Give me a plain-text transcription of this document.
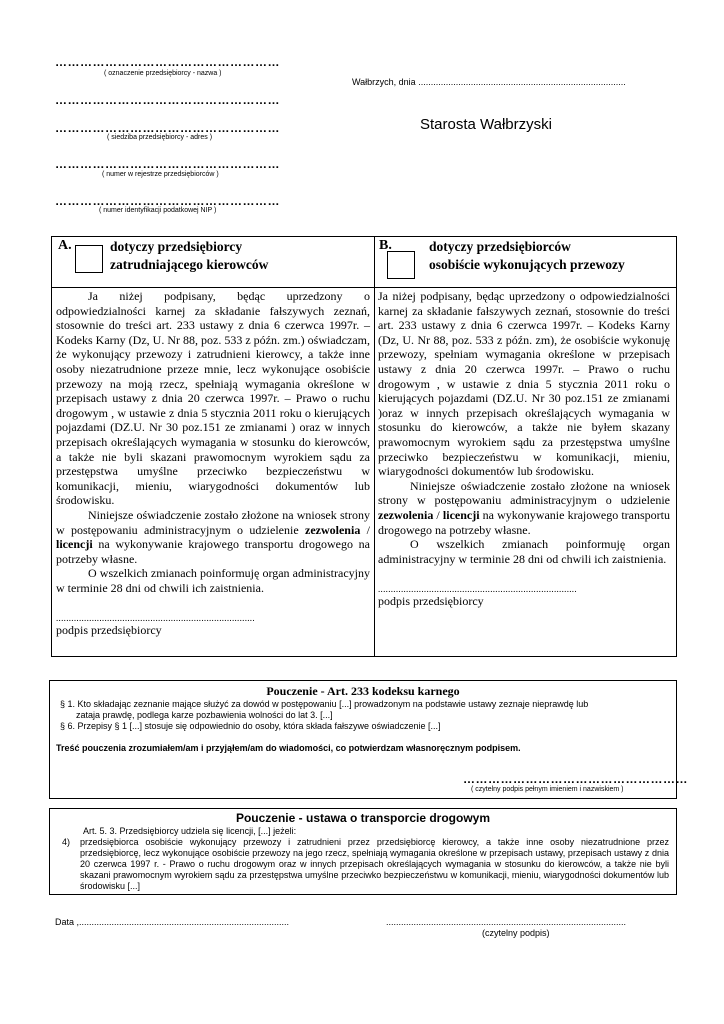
………………………………………………
( oznaczenie przedsiębiorcy - nazwa )
………………………………………………
………………………………………………
( siedziba przedsiębiorcy - adres )
………………………………………………
( numer w rejestrze przedsiębiorców )
………………………………………………
( numer identyfikacji podatkowej NIP )
Wałbrzych, dnia ...................................................................................
Starosta Wałbrzyski
A.	dotyczy przedsiębiorcy
zatrudniającego kierowców
B.	dotyczy przedsiębiorców
osobiście wykonujących przewozy

Ja niżej podpisany, będąc uprzedzony o odpowiedzialności karnej za składanie fałszywych zeznań, stosownie do treści art. 233 ustawy z dnia 6 czerwca 1997r. – Kodeks Karny (Dz, U. Nr 88, poz. 533 z późn. zm.) oświadczam, że wykonujący przewozy i zatrudnieni kierowcy, a także inne osoby niezatrudnione przeze mnie, lecz wykonujące osobiście przewozy na moją rzecz, spełniają wymagania określone w przepisach ustawy z dnia 20 czerwca 1997r. – Prawo o ruchu drogowym , w ustawie z dnia 5 stycznia 2011 roku o kierujących pojazdami (DZ.U. Nr 30 poz.151 ze zmianami ) oraz w innych przepisach określających wymagania w stosunku do kierowców, a także nie byli skazani prawomocnym wyrokiem sądu za przestępstwa umyślne przeciwko bezpieczeństwu w komunikacji, mieniu, wiarygodności dokumentów lub środowisku.

Niniejsze oświadczenie zostało złożone na wniosek strony w postępowaniu administracyjnym o udzielenie zezwolenia / licencji na wykonywanie krajowego transportu drogowego na potrzeby własne.

O wszelkich zmianach poinformuję organ administracyjny w terminie 28 dni od chwili ich zaistnienia.

..............................................................................
podpis przedsiębiorcy

Ja niżej podpisany, będąc uprzedzony o odpowiedzialności karnej za składanie fałszywych zeznań, stosownie do treści art. 233 ustawy z dnia 6 czerwca 1997r. – Kodeks Karny (Dz, U. Nr 88, poz. 533 z późn. zm), że osobiście wykonuję przewozy, spełniam wymagania określone w przepisach ustawy z dnia 20 czerwca 1997r. – Prawo o ruchu drogowym , w ustawie z dnia 5 stycznia 2011 roku o kierujących pojazdami (DZ.U. Nr 30 poz.151 ze zmianami )oraz w innych przepisach określających wymagania w stosunku do kierowców, a także nie byłem skazany prawomocnym wyrokiem sądu za przestępstwa umyślne przeciwko bezpieczeństwu w komunikacji, mieniu, wiarygodności dokumentów lub środowisku.

Niniejsze oświadczenie zostało złożone na wniosek strony w postępowaniu administracyjnym o udzielenie zezwolenia / licencji na wykonywanie krajowego transportu drogowego na potrzeby własne.

O wszelkich zmianach poinformuję organ administracyjny w terminie 28 dni od chwili ich zaistnienia.

..............................................................................
podpis przedsiębiorcy
Pouczenie - Art. 233 kodeksu karnego
§ 1. Kto składając zeznanie mające służyć za dowód w postępowaniu [...] prowadzonym na podstawie ustawy zeznaje nieprawdę lub
zataja prawdę, podlega karze pozbawienia wolności do lat 3. [...]
§ 6. Przepisy § 1 [...] stosuje się odpowiednio do osoby, która składa fałszywe oświadczenie [...]
Treść pouczenia zrozumiałem/am i przyjąłem/am do wiadomości, co potwierdzam własnoręcznym podpisem.
………………………………………………
( czytelny podpis pełnym imieniem i nazwiskiem )
Pouczenie - ustawa o transporcie drogowym
Art. 5. 3. Przedsiębiorcy udziela się licencji, [...] jeżeli:
4) przedsiębiorca osobiście wykonujący przewozy i zatrudnieni przez przedsiębiorcę kierowcy, a także inne osoby niezatrudnione przez przedsiębiorcę, lecz wykonujące osobiście przewozy na jego rzecz, spełniają wymagania określone w przepisach ustawy, przepisach ustawy z dnia 20 czerwca 1997 r. - Prawo o ruchu drogowym oraz w innych przepisach określających wymagania w stosunku do kierowców, a także nie byli skazani prawomocnym wyrokiem sądu za przestępstwa umyślne przeciwko bezpieczeństwu w komunikacji, mieniu, wiarygodności dokumentów lub środowisku [...]
Data ,....................................................................................	................................................................................................
(czytelny podpis)
